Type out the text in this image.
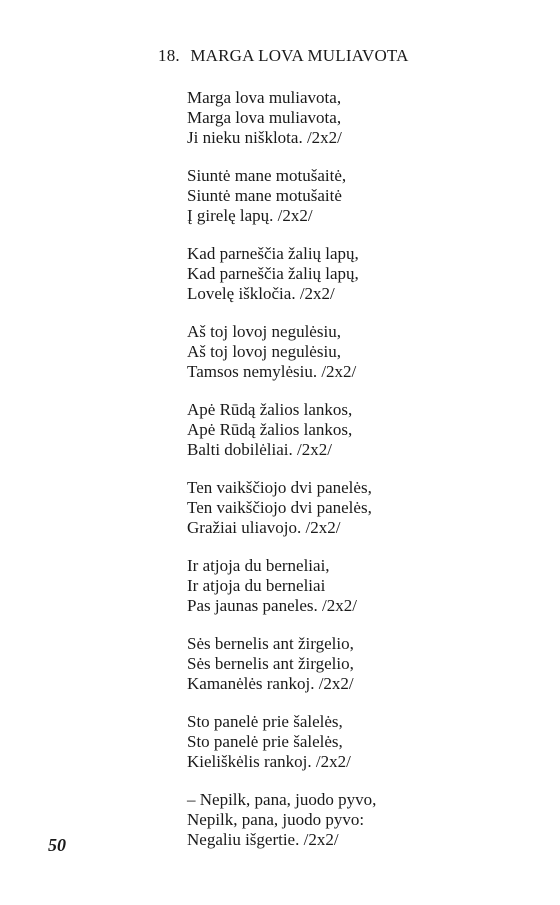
18. MARGA LOVA MULIAVOTA
Marga lova muliavota,
Marga lova muliavota,
Ji nieku nišklota. /2x2/
Siuntė mane motušaitė,
Siuntė mane motušaitė
Į girelę lapų. /2x2/
Kad parneščia žalių lapų,
Kad parneščia žalių lapų,
Lovelę iškločia. /2x2/
Aš toj lovoj negulėsiu,
Aš toj lovoj negulėsiu,
Tamsos nemylėsiu. /2x2/
Apė Rūdą žalios lankos,
Apė Rūdą žalios lankos,
Balti dobilėliai. /2x2/
Ten vaikščiojo dvi panelės,
Ten vaikščiojo dvi panelės,
Gražiai uliavojo. /2x2/
Ir atjoja du berneliai,
Ir atjoja du berneliai
Pas jaunas paneles. /2x2/
Sės bernelis ant žirgelio,
Sės bernelis ant žirgelio,
Kamanėlės rankoj. /2x2/
Sto panelė prie šalelės,
Sto panelė prie šalelės,
Kieliškėlis rankoj. /2x2/
– Nepilk, pana, juodo pyvo,
Nepilk, pana, juodo pyvo:
Negaliu išgertie. /2x2/
50
